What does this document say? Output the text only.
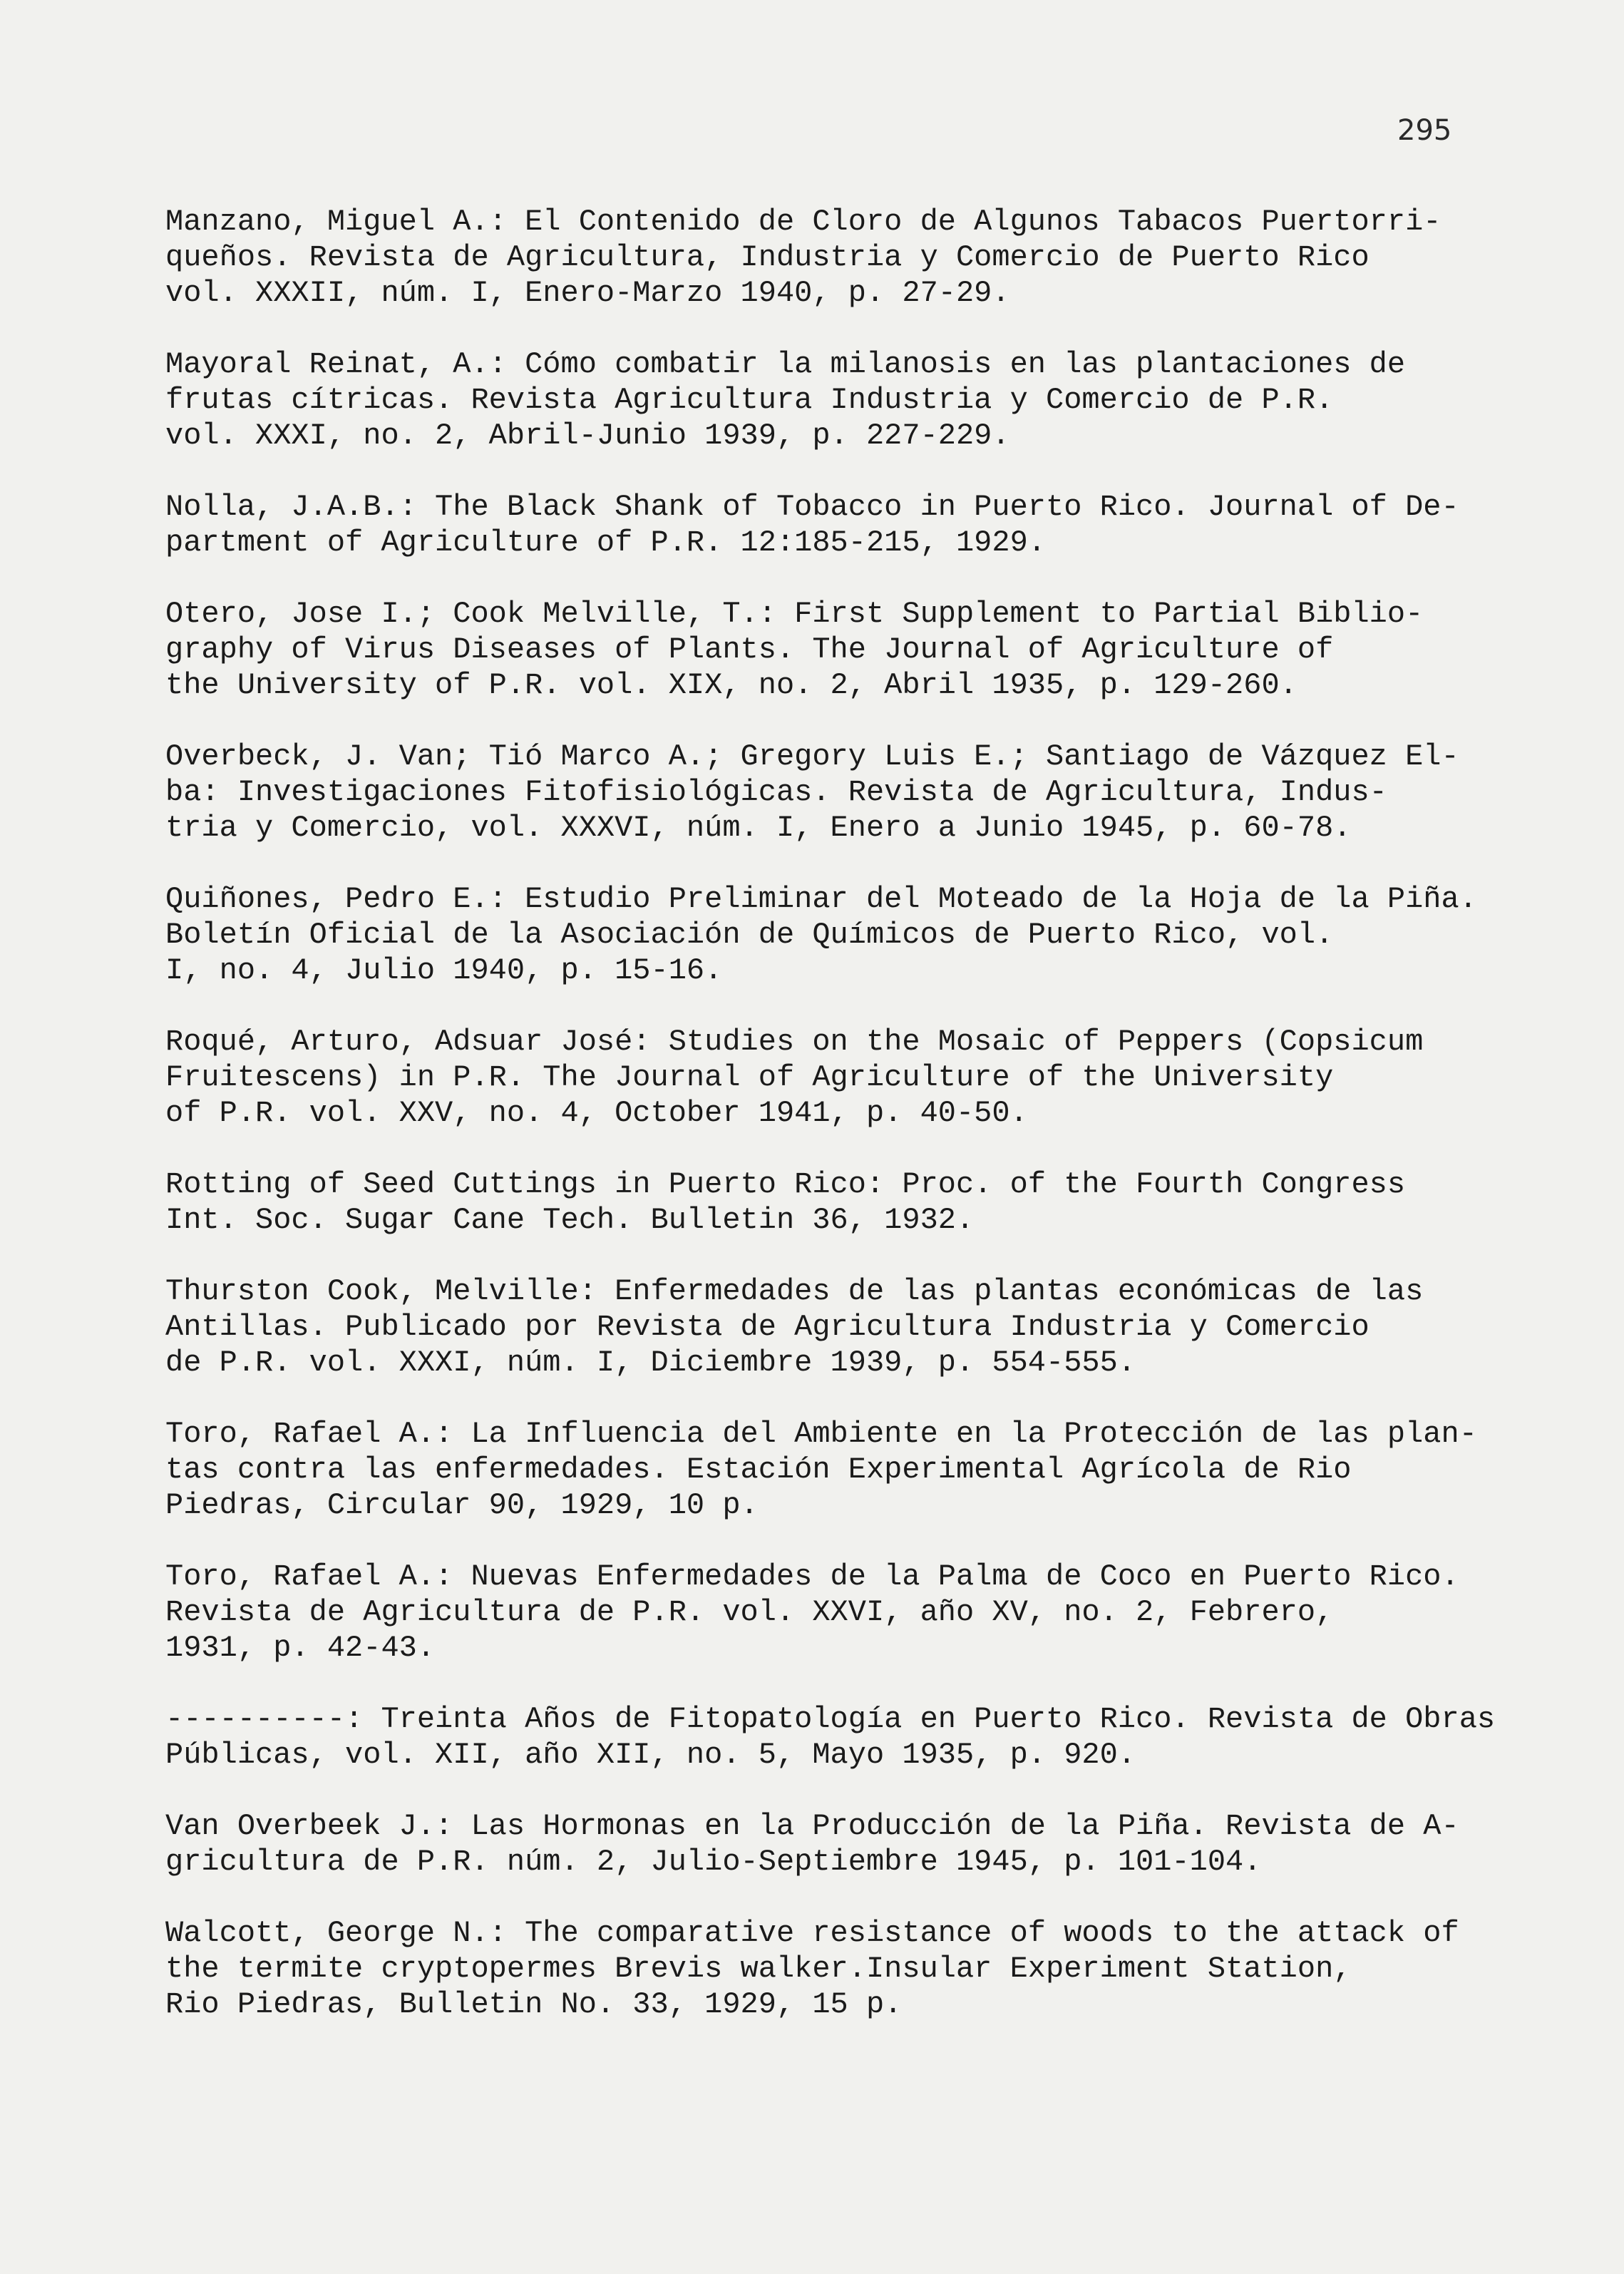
295
Manzano, Miguel A.: El Contenido de Cloro de Algunos Tabacos Puertorri-
queños. Revista de Agricultura, Industria y Comercio de Puerto Rico
vol. XXXII, núm. I, Enero-Marzo 1940, p. 27-29.
Mayoral Reinat, A.: Cómo combatir la milanosis en las plantaciones de
frutas cítricas. Revista Agricultura Industria y Comercio de P.R.
vol. XXXI, no. 2, Abril-Junio 1939, p. 227-229.
Nolla, J.A.B.: The Black Shank of Tobacco in Puerto Rico. Journal of De-
partment of Agriculture of P.R. 12:185-215, 1929.
Otero, Jose I.; Cook Melville, T.: First Supplement to Partial Biblio-
graphy of Virus Diseases of Plants. The Journal of Agriculture of
the University of P.R. vol. XIX, no. 2, Abril 1935, p. 129-260.
Overbeck, J. Van; Tió Marco A.; Gregory Luis E.; Santiago de Vázquez El-
ba: Investigaciones Fitofisiológicas. Revista de Agricultura, Indus-
tria y Comercio, vol. XXXVI, núm. I, Enero a Junio 1945, p. 60-78.
Quiñones, Pedro E.: Estudio Preliminar del Moteado de la Hoja de la Piña.
Boletín Oficial de la Asociación de Químicos de Puerto Rico, vol.
I, no. 4, Julio 1940, p. 15-16.
Roqué, Arturo, Adsuar José: Studies on the Mosaic of Peppers (Copsicum
Fruitescens) in P.R. The Journal of Agriculture of the University
of P.R. vol. XXV, no. 4, October 1941, p. 40-50.
Rotting of Seed Cuttings in Puerto Rico: Proc. of the Fourth Congress
Int. Soc. Sugar Cane Tech. Bulletin 36, 1932.
Thurston Cook, Melville: Enfermedades de las plantas económicas de las
Antillas. Publicado por Revista de Agricultura Industria y Comercio
de P.R. vol. XXXI, núm. I, Diciembre 1939, p. 554-555.
Toro, Rafael A.: La Influencia del Ambiente en la Protección de las plan-
tas contra las enfermedades. Estación Experimental Agrícola de Rio
Piedras, Circular 90, 1929, 10 p.
Toro, Rafael A.: Nuevas Enfermedades de la Palma de Coco en Puerto Rico.
Revista de Agricultura de P.R. vol. XXVI, año XV, no. 2, Febrero,
1931, p. 42-43.
----------: Treinta Años de Fitopatología en Puerto Rico. Revista de Obras
Públicas, vol. XII, año XII, no. 5, Mayo 1935, p. 920.
Van Overbeek J.: Las Hormonas en la Producción de la Piña. Revista de A-
gricultura de P.R. núm. 2, Julio-Septiembre 1945, p. 101-104.
Walcott, George N.: The comparative resistance of woods to the attack of
the termite cryptopermes Brevis walker.Insular Experiment Station,
Rio Piedras, Bulletin No. 33, 1929, 15 p.
